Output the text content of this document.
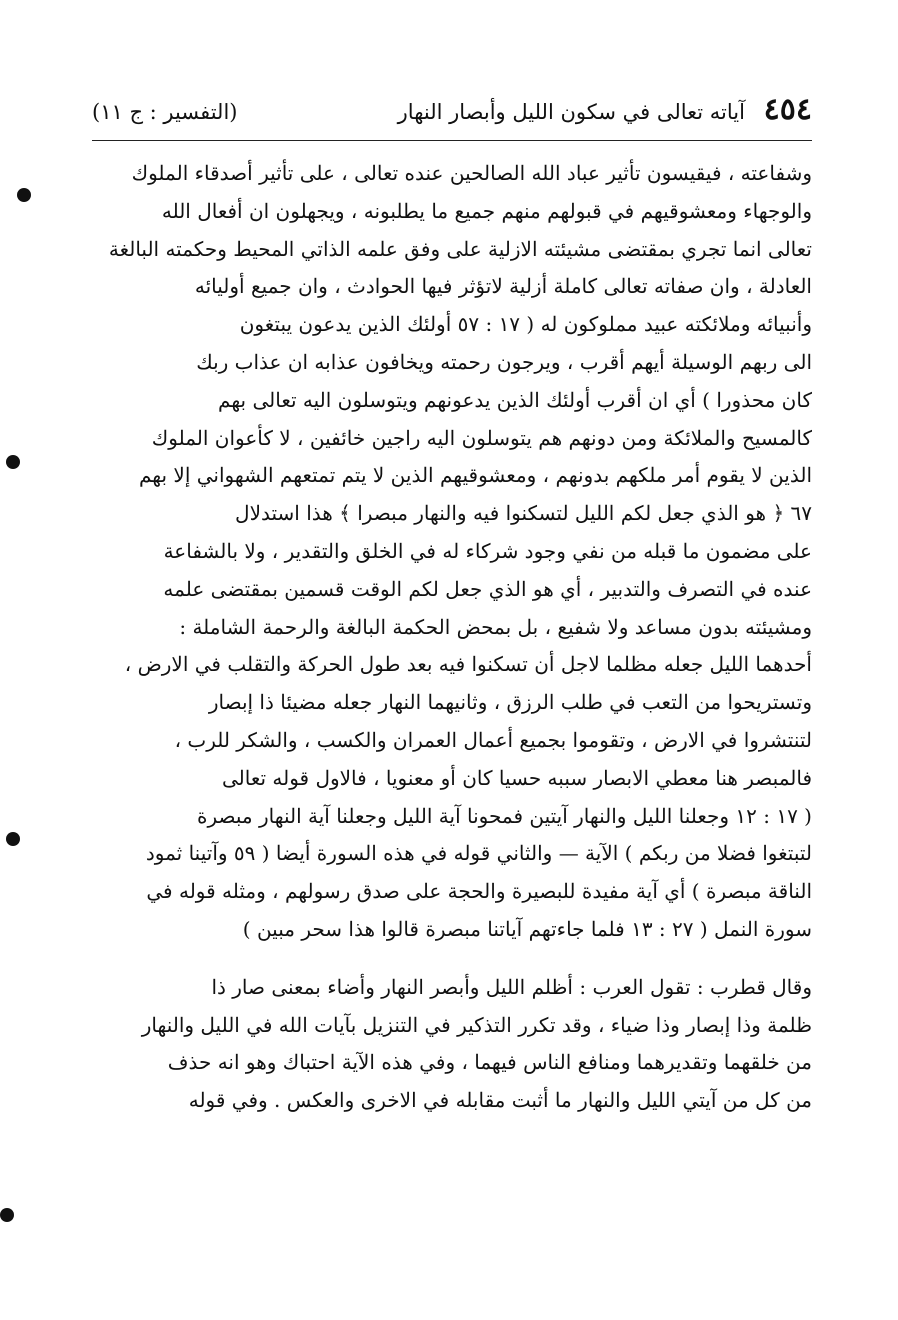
٤٥٤ آياته تعالى في سكون الليل وأبصار النهار
(التفسير : ج ١١)
وشفاعته ، فيقيسون تأثير عباد الله الصالحين عنده تعالى ، على تأثير أصدقاء الملوك
والوجهاء ومعشوقيهم في قبولهم منهم جميع ما يطلبونه ، ويجهلون ان أفعال الله
تعالى انما تجري بمقتضى مشيئته الازلية على وفق علمه الذاتي المحيط وحكمته البالغة
العادلة ، وان صفاته تعالى كاملة أزلية لاتؤثر فيها الحوادث ، وان جميع أوليائه
وأنبيائه وملائكته عبيد مملوكون له ( ١٧ : ٥٧ أولئك الذين يدعون يبتغون
الى ربهم الوسيلة أيهم أقرب ، ويرجون رحمته ويخافون عذابه ان عذاب ربك
كان محذورا ) أي ان أقرب أولئك الذين يدعونهم ويتوسلون اليه تعالى بهم
كالمسيح والملائكة ومن دونهم هم يتوسلون اليه راجين خائفين ، لا كأعوان الملوك
الذين لا يقوم أمر ملكهم بدونهم ، ومعشوقيهم الذين لا يتم تمتعهم الشهواني إلا بهم
٦٧ ﴿ هو الذي جعل لكم الليل لتسكنوا فيه والنهار مبصرا ﴾ هذا استدلال
على مضمون ما قبله من نفي وجود شركاء له في الخلق والتقدير ، ولا بالشفاعة
عنده في التصرف والتدبير ، أي هو الذي جعل لكم الوقت قسمين بمقتضى علمه
ومشيئته بدون مساعد ولا شفيع ، بل بمحض الحكمة البالغة والرحمة الشاملة :
أحدهما الليل جعله مظلما لاجل أن تسكنوا فيه بعد طول الحركة والتقلب في الارض ،
وتستريحوا من التعب في طلب الرزق ، وثانيهما النهار جعله مضيئا ذا إبصار
لتنتشروا في الارض ، وتقوموا بجميع أعمال العمران والكسب ، والشكر للرب ،
فالمبصر هنا معطي الابصار سببه حسيا كان أو معنويا ، فالاول قوله تعالى
( ١٧ : ١٢ وجعلنا الليل والنهار آيتين فمحونا آية الليل وجعلنا آية النهار مبصرة
لتبتغوا فضلا من ربكم ) الآية — والثاني قوله في هذه السورة أيضا ( ٥٩ وآتينا ثمود
الناقة مبصرة ) أي آية مفيدة للبصيرة والحجة على صدق رسولهم ، ومثله قوله في
سورة النمل ( ٢٧ : ١٣ فلما جاءتهم آياتنا مبصرة قالوا هذا سحر مبين )
وقال قطرب : تقول العرب : أظلم الليل وأبصر النهار وأضاء بمعنى صار ذا
ظلمة وذا إبصار وذا ضياء ، وقد تكرر التذكير في التنزيل بآيات الله في الليل والنهار
من خلقهما وتقديرهما ومنافع الناس فيهما ، وفي هذه الآية احتباك وهو انه حذف
من كل من آيتي الليل والنهار ما أثبت مقابله في الاخرى والعكس . وفي قوله
